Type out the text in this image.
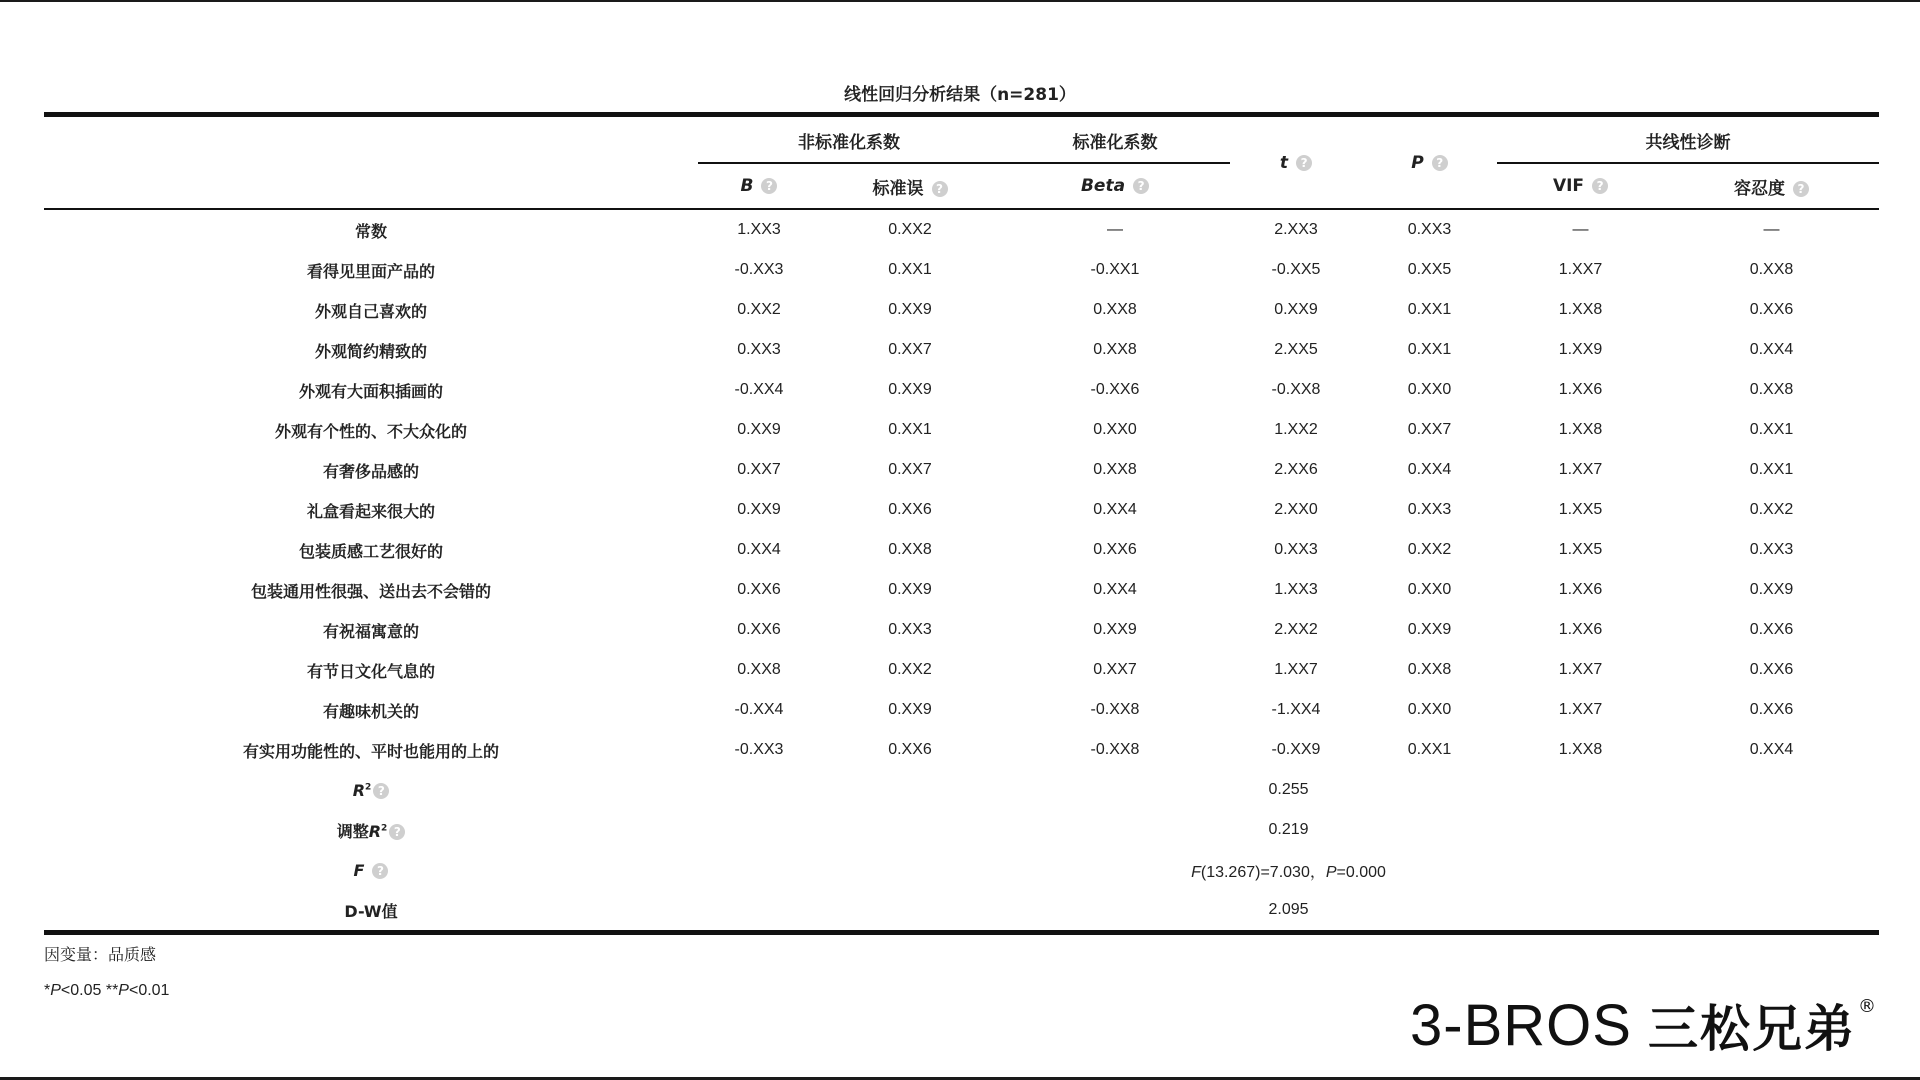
线性回归分析结果（n=281）
	非标准化系数		标准化系数	t ?	P ?	共线性诊断	

	B ?	标准误 ?	Beta ?			VIF ?	容忍度 ?
常数	1.XX3	0.XX2	—	2.XX3	0.XX3	—	—
看得见里面产品的	-0.XX3	0.XX1	-0.XX1	-0.XX5	0.XX5	1.XX7	0.XX8
外观自己喜欢的	0.XX2	0.XX9	0.XX8	0.XX9	0.XX1	1.XX8	0.XX6
外观简约精致的	0.XX3	0.XX7	0.XX8	2.XX5	0.XX1	1.XX9	0.XX4
外观有大面积插画的	-0.XX4	0.XX9	-0.XX6	-0.XX8	0.XX0	1.XX6	0.XX8
外观有个性的、不大众化的	0.XX9	0.XX1	0.XX0	1.XX2	0.XX7	1.XX8	0.XX1
有奢侈品感的	0.XX7	0.XX7	0.XX8	2.XX6	0.XX4	1.XX7	0.XX1
礼盒看起来很大的	0.XX9	0.XX6	0.XX4	2.XX0	0.XX3	1.XX5	0.XX2
包装质感工艺很好的	0.XX4	0.XX8	0.XX6	0.XX3	0.XX2	1.XX5	0.XX3
包装通用性很强、送出去不会错的	0.XX6	0.XX9	0.XX4	1.XX3	0.XX0	1.XX6	0.XX9
有祝福寓意的	0.XX6	0.XX3	0.XX9	2.XX2	0.XX9	1.XX6	0.XX6
有节日文化气息的	0.XX8	0.XX2	0.XX7	1.XX7	0.XX8	1.XX7	0.XX6
有趣味机关的	-0.XX4	0.XX9	-0.XX8	-1.XX4	0.XX0	1.XX7	0.XX6
有实用功能性的、平时也能用的上的	-0.XX3	0.XX6	-0.XX8	-0.XX9	0.XX1	1.XX8	0.XX4
$R^2$ ?	0.255						
调整$R^2$ ?	0.219						
F ?	F(13.267)=7.030，P=0.000						
D-W值	2.095						
因变量：品质感
*P<0.05 **P<0.01
3-BROS 三松兄弟 ®
